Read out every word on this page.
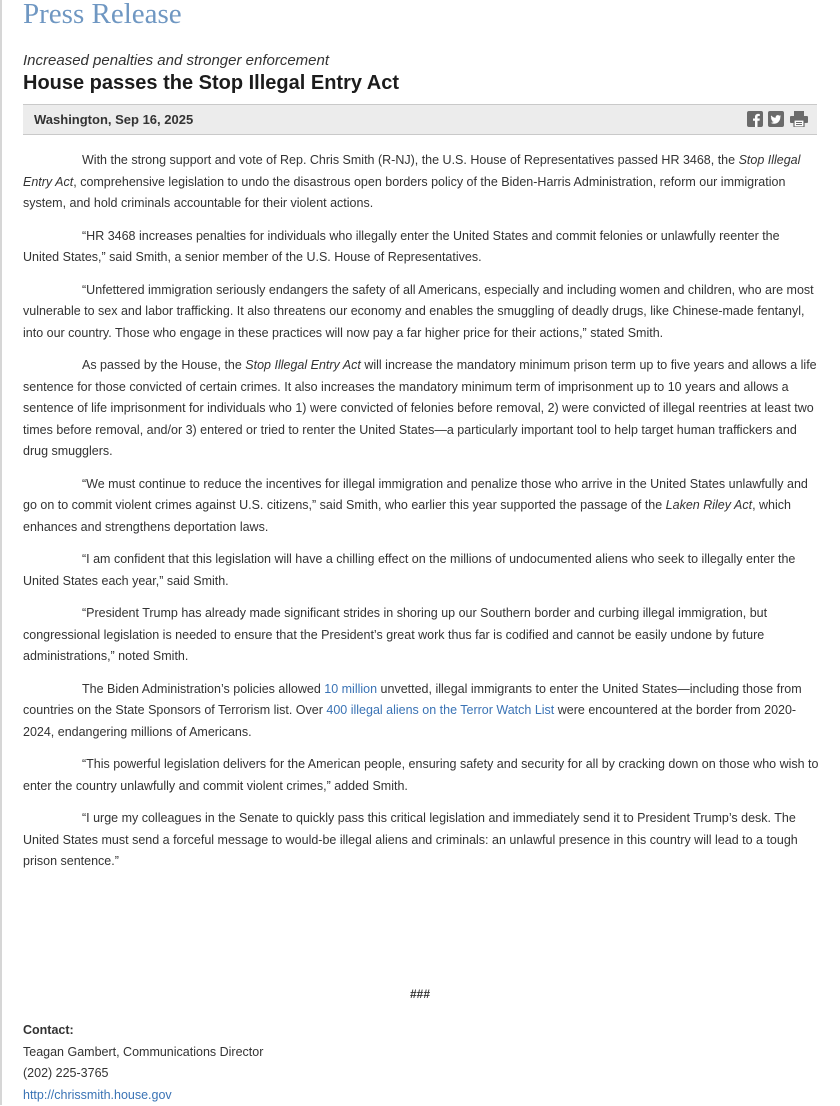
Press Release

Increased penalties and stronger enforcement

House passes the Stop Illegal Entry Act
Washington, Sep 16, 2025

With the strong support and vote of Rep. Chris Smith (R-NJ), the U.S. House of Representatives passed HR 3468, the Stop Illegal Entry Act, comprehensive legislation to undo the disastrous open borders policy of the Biden-Harris Administration, reform our immigration system, and hold criminals accountable for their violent actions.

“HR 3468 increases penalties for individuals who illegally enter the United States and commit felonies or unlawfully reenter the United States,” said Smith, a senior member of the U.S. House of Representatives.

“Unfettered immigration seriously endangers the safety of all Americans, especially and including women and children, who are most vulnerable to sex and labor trafficking. It also threatens our economy and enables the smuggling of deadly drugs, like Chinese-made fentanyl, into our country. Those who engage in these practices will now pay a far higher price for their actions,” stated Smith.

As passed by the House, the Stop Illegal Entry Act will increase the mandatory minimum prison term up to five years and allows a life sentence for those convicted of certain crimes. It also increases the mandatory minimum term of imprisonment up to 10 years and allows a sentence of life imprisonment for individuals who 1) were convicted of felonies before removal, 2) were convicted of illegal reentries at least two times before removal, and/or 3) entered or tried to renter the United States—a particularly important tool to help target human traffickers and drug smugglers.

“We must continue to reduce the incentives for illegal immigration and penalize those who arrive in the United States unlawfully and go on to commit violent crimes against U.S. citizens,” said Smith, who earlier this year supported the passage of the Laken Riley Act, which enhances and strengthens deportation laws.

“I am confident that this legislation will have a chilling effect on the millions of undocumented aliens who seek to illegally enter the United States each year,” said Smith.

“President Trump has already made significant strides in shoring up our Southern border and curbing illegal immigration, but congressional legislation is needed to ensure that the President’s great work thus far is codified and cannot be easily undone by future administrations,” noted Smith.

The Biden Administration’s policies allowed 10 million unvetted, illegal immigrants to enter the United States—including those from countries on the State Sponsors of Terrorism list. Over 400 illegal aliens on the Terror Watch List were encountered at the border from 2020-2024, endangering millions of Americans.

“This powerful legislation delivers for the American people, ensuring safety and security for all by cracking down on those who wish to enter the country unlawfully and commit violent crimes,” added Smith.

“I urge my colleagues in the Senate to quickly pass this critical legislation and immediately send it to President Trump’s desk. The United States must send a forceful message to would-be illegal aliens and criminals: an unlawful presence in this country will lead to a tough prison sentence.”

###
Contact:
Teagan Gambert, Communications Director
(202) 225-3765
http://chrissmith.house.gov
